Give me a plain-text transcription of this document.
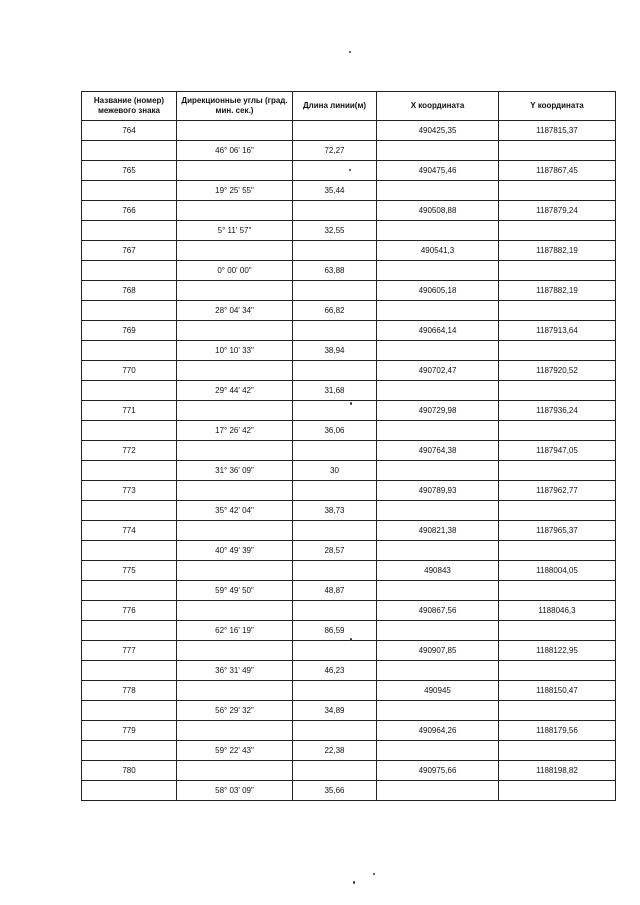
Название (номер) межевого знака	Дирекционные углы (град. мин. сек.)	Длина линии(м)	X координата	Y координата
764			490425,35	1187815,37
	46° 06' 16"	72,27		
765			490475,46	1187867,45
	19° 25' 55"	35,44		
766			490508,88	1187879,24
	5° 11' 57"	32,55		
767			490541,3	1187882,19
	0° 00' 00"	63,88		
768			490605,18	1187882,19
	28° 04' 34"	66,82		
769			490664,14	1187913,64
	10° 10' 33"	38,94		
770			490702,47	1187920,52
	29° 44' 42"	31,68		
771			490729,98	1187936,24
	17° 26' 42"	36,06		
772			490764,38	1187947,05
	31° 36' 09"	30		
773			490789,93	1187962,77
	35° 42' 04"	38,73		
774			490821,38	1187965,37
	40° 49' 39"	28,57		
775			490843	1188004,05
	59° 49' 50"	48,87		
776			490867,56	1188046,3
	62° 16' 19"	86,59		
777			490907,85	1188122,95
	36° 31' 49"	46,23		
778			490945	1188150,47
	56° 29' 32"	34,89		
779			490964,26	1188179,56
	59° 22' 43"	22,38		
780			490975,66	1188198,82
	58° 03' 09"	35,66		
